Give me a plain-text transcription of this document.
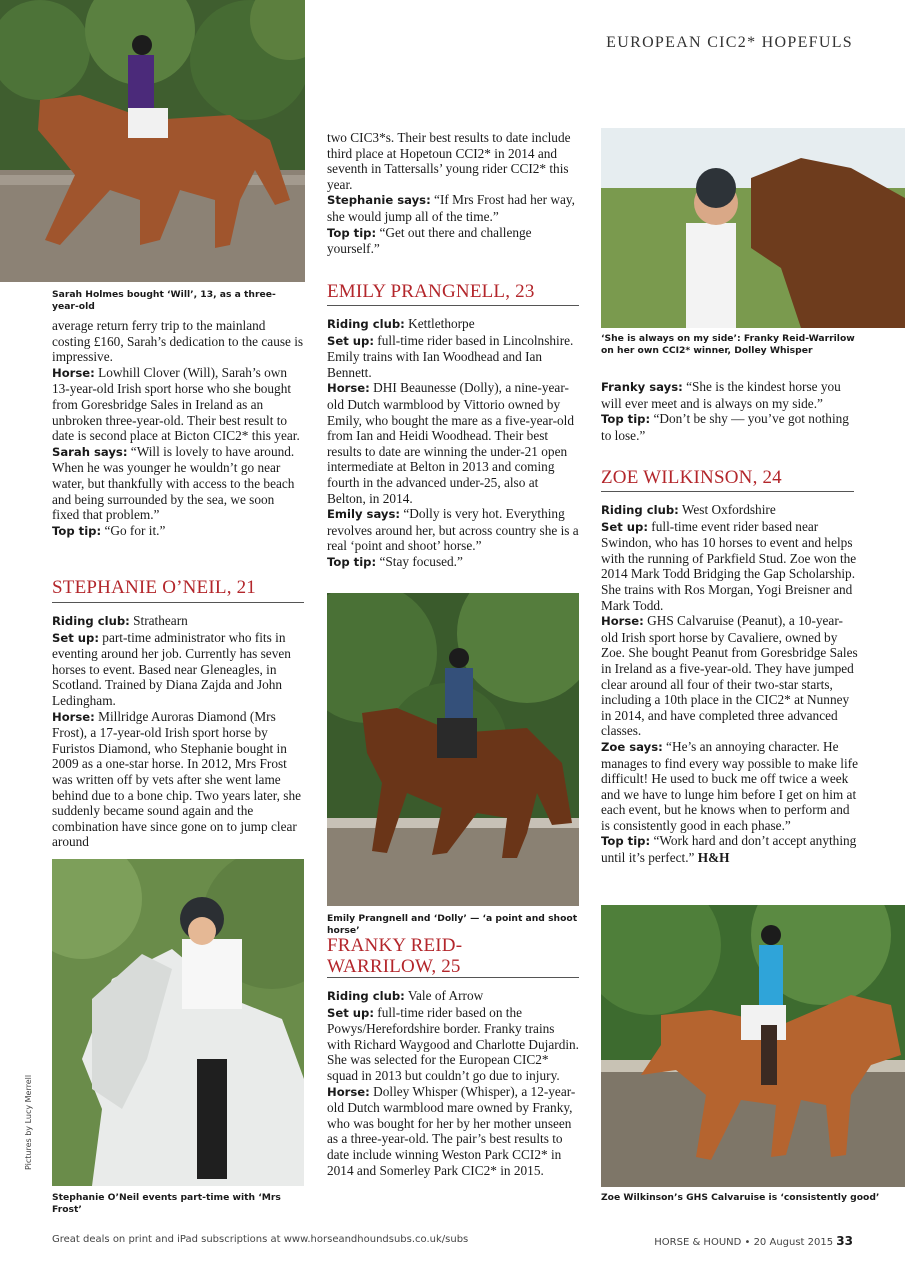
EUROPEAN CIC2* HOPEFULS
Sarah Holmes bought ‘Will’, 13, as a three-year-old

average return ferry trip to the mainland costing £160, Sarah’s dedication to the cause is impressive.

Horse: Lowhill Clover (Will), Sarah’s own 13-year-old Irish sport horse who she bought from Goresbridge Sales in Ireland as an unbroken three-year-old. Their best result to date is second place at Bicton CIC2* this year.

Sarah says: “Will is lovely to have around. When he was younger he wouldn’t go near water, but thankfully with access to the beach and being surrounded by the sea, we soon fixed that problem.”

Top tip: “Go for it.”

STEPHANIE O’NEIL, 21

Riding club: Strathearn

Set up: part-time administrator who fits in eventing around her job. Currently has seven horses to event. Based near Gleneagles, in Scotland. Trained by Diana Zajda and John Ledingham.

Horse: Millridge Auroras Diamond (Mrs Frost), a 17-year-old Irish sport horse by Furistos Diamond, who Stephanie bought in 2009 as a one-star horse. In 2012, Mrs Frost was written off by vets after she went lame behind due to a bone chip. Two years later, she suddenly became sound again and the combination have since gone on to jump clear around

Stephanie O’Neil events part-time with ‘Mrs Frost’
Pictures by Lucy Merrell

two CIC3*s. Their best results to date include third place at Hopetoun CCI2* in 2014 and seventh in Tattersalls’ young rider CCI2* this year.

Stephanie says: “If Mrs Frost had her way, she would jump all of the time.”

Top tip: “Get out there and challenge yourself.”

EMILY PRANGNELL, 23

Riding club: Kettlethorpe

Set up: full-time rider based in Lincolnshire. Emily trains with Ian Woodhead and Ian Bennett.

Horse: DHI Beaunesse (Dolly), a nine-year-old Dutch warmblood by Vittorio owned by Emily, who bought the mare as a five-year-old from Ian and Heidi Woodhead. Their best results to date are winning the under-21 open intermediate at Belton in 2013 and coming fourth in the advanced under-25, also at Belton, in 2014.

Emily says: “Dolly is very hot. Everything revolves around her, but across country she is a real ‘point and shoot’ horse.”

Top tip: “Stay focused.”

Emily Prangnell and ‘Dolly’ — ‘a point and shoot horse’
FRANKY REID-
WARRILOW, 25

Riding club: Vale of Arrow

Set up: full-time rider based on the Powys/Herefordshire border. Franky trains with Richard Waygood and Charlotte Dujardin. She was selected for the European CIC2* squad in 2013 but couldn’t go due to injury.

Horse: Dolley Whisper (Whisper), a 12-year-old Dutch warmblood mare owned by Franky, who was bought for her by her mother unseen as a three-year-old. The pair’s best results to date include winning Weston Park CCI2* in 2014 and Somerley Park CIC2* in 2015.

‘She is always on my side’: Franky Reid-Warrilow on her own CCI2* winner, Dolley Whisper

Franky says: “She is the kindest horse you will ever meet and is always on my side.”

Top tip: “Don’t be shy — you’ve got nothing to lose.”

ZOE WILKINSON, 24

Riding club: West Oxfordshire

Set up: full-time event rider based near Swindon, who has 10 horses to event and helps with the running of Parkfield Stud. Zoe won the 2014 Mark Todd Bridging the Gap Scholarship. She trains with Ros Morgan, Yogi Breisner and Mark Todd.

Horse: GHS Calvaruise (Peanut), a 10-year-old Irish sport horse by Cavaliere, owned by Zoe. She bought Peanut from Goresbridge Sales in Ireland as a five-year-old. They have jumped clear around all four of their two-star starts, including a 10th place in the CIC2* at Nunney in 2014, and have completed three advanced classes.

Zoe says: “He’s an annoying character. He manages to find every way possible to make life difficult! He used to buck me off twice a week and we have to lunge him before I get on him at each event, but he knows when to perform and is consistently good in each phase.”

Top tip: “Work hard and don’t accept anything until it’s perfect.” H&H

Zoe Wilkinson’s GHS Calvaruise is ‘consistently good’
Great deals on print and iPad subscriptions at www.horseandhoundsubs.co.uk/subs	HORSE & HOUND • 20 August 2015 33
